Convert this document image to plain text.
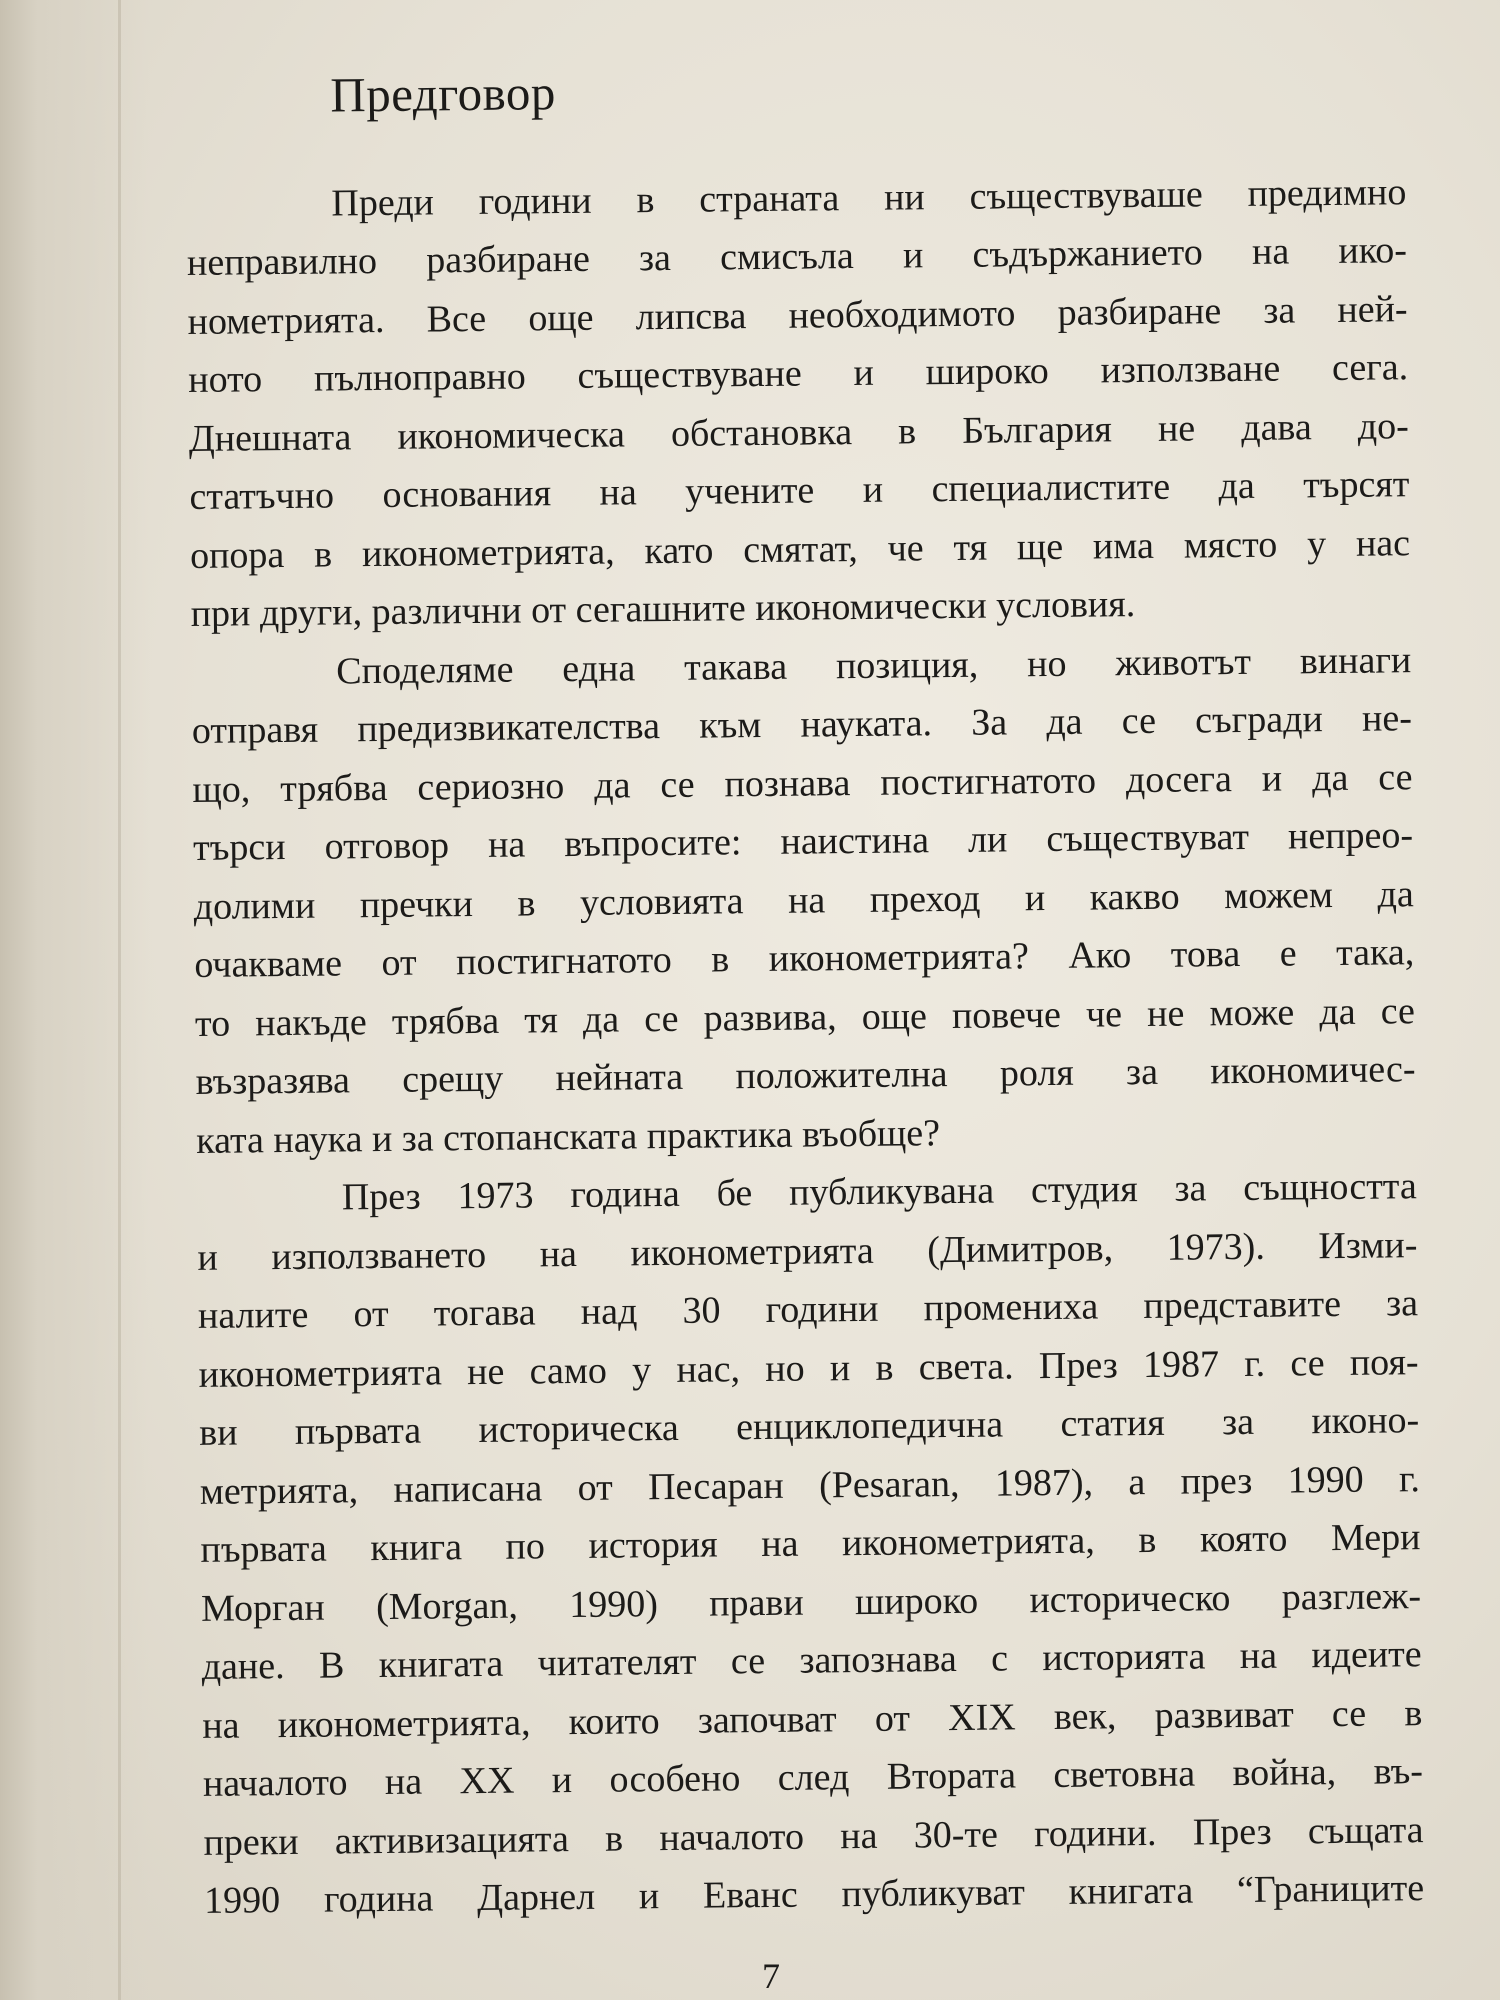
Предговор
Преди години в страната ни съществуваше предимно
неправилно разбиране за смисъла и съдържанието на ико-
нометрията. Все още липсва необходимото разбиране за ней-
ното пълноправно съществуване и широко използване сега.
Днешната икономическа обстановка в България не дава до-
статъчно основания на учените и специалистите да търсят
опора в иконометрията, като смятат, че тя ще има място у нас
при други, различни от сегашните икономически условия.
Споделяме една такава позиция, но животът винаги
отправя предизвикателства към науката. За да се съгради не-
що, трябва сериозно да се познава постигнатото досега и да се
търси отговор на въпросите: наистина ли съществуват непрео-
долими пречки в условията на преход и какво можем да
очакваме от постигнатото в иконометрията? Ако това е така,
то накъде трябва тя да се развива, още повече че не може да се
възразява срещу нейната положителна роля за икономичес-
ката наука и за стопанската практика въобще?
През 1973 година бе публикувана студия за същността
и използването на иконометрията (Димитров, 1973). Изми-
налите от тогава над 30 години промениха представите за
иконометрията не само у нас, но и в света. През 1987 г. се поя-
ви първата историческа енциклопедична статия за иконо-
метрията, написана от Песаран (Pesaran, 1987), а през 1990 г.
първата книга по история на иконометрията, в която Мери
Морган (Morgan, 1990) прави широко историческо разглеж-
дане. В книгата читателят се запознава с историята на идеите
на иконометрията, които започват от XIX век, развиват се в
началото на XX и особено след Втората световна война, въ-
преки активизацията в началото на 30-те години. През същата
1990 година Дарнел и Еванс публикуват книгата “Границите
7
